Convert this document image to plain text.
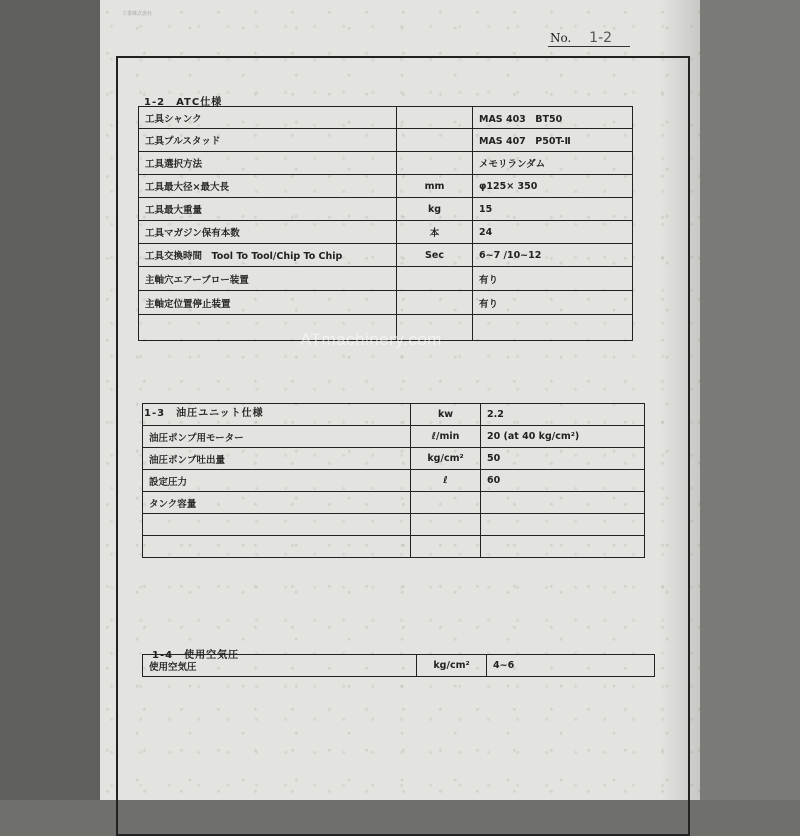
工業株式会社
No. 1-2
1-2　ATC仕様
工具シャンク		MAS 403　BT50
工具プルスタッド		MAS 407　P50T-Ⅱ
工具選択方法		メモリランダム
工具最大径×最大長	mm	φ125× 350
工具最大重量	kg	15
工具マガジン保有本数	本	24
工具交換時間　Tool To Tool/Chip To Chip	Sec	6~7 /10~12
主軸穴エアーブロー装置		有り
主軸定位置停止装置		有り

1-3　油圧ユニット仕様
		kw	2.2
油圧ポンプ用モーター	ℓ/min	20 (at 40 kg/cm²)
油圧ポンプ吐出量	kg/cm²	50
設定圧力	ℓ	60
タンク容量		

1-4　使用空気圧
使用空気圧	kg/cm²	4~6
ATmachinery.com
